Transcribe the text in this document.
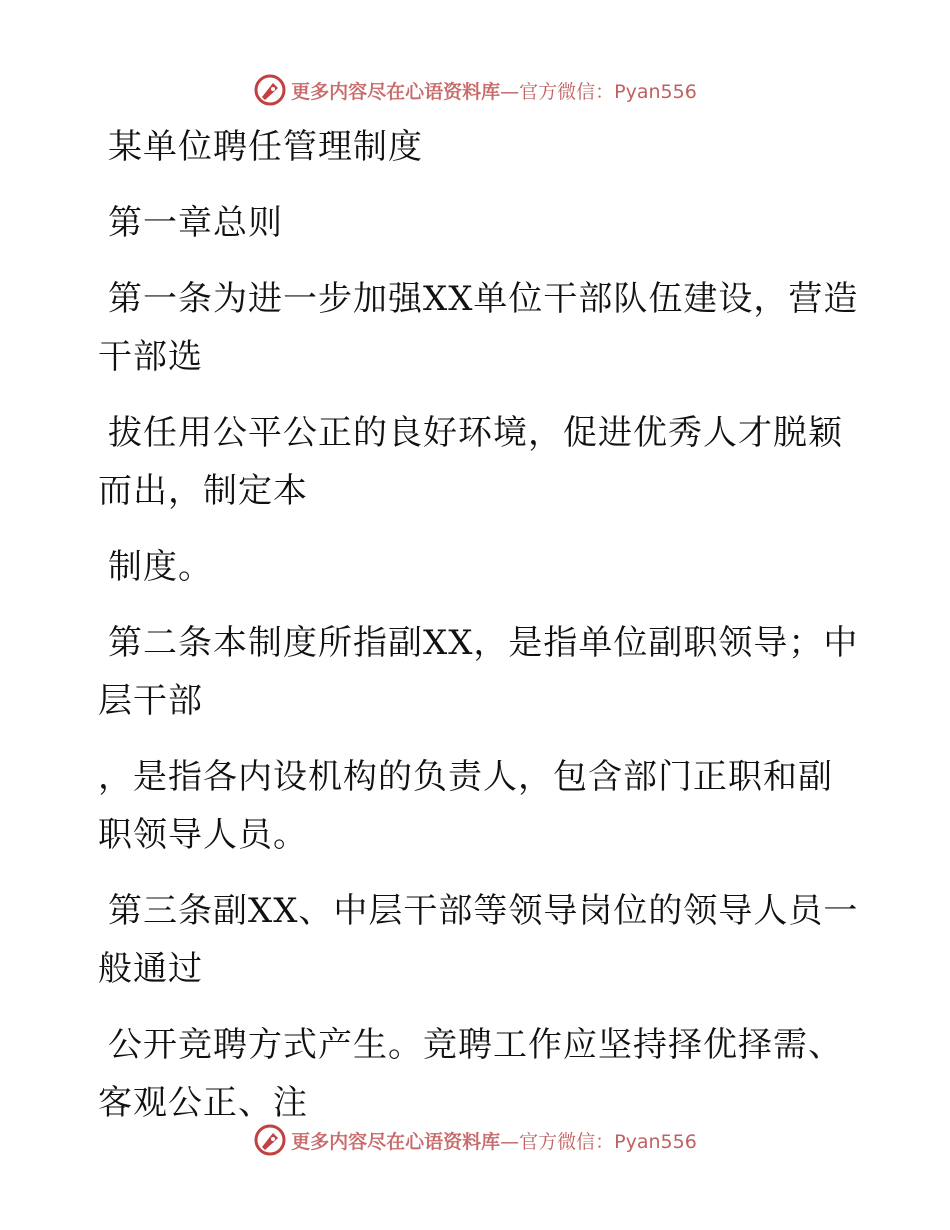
更多内容尽在心语资料库—官方微信：Pyan556
某单位聘任管理制度
第一章总则
第一条为进一步加强XX单位干部队伍建设，营造
干部选
拔任用公平公正的良好环境，促进优秀人才脱颖
而出，制定本
制度。
第二条本制度所指副XX，是指单位副职领导；中
层干部
，是指各内设机构的负责人，包含部门正职和副
职领导人员。
第三条副XX、中层干部等领导岗位的领导人员一
般通过
公开竞聘方式产生。竞聘工作应坚持择优择需、
客观公正、注
更多内容尽在心语资料库—官方微信：Pyan556
